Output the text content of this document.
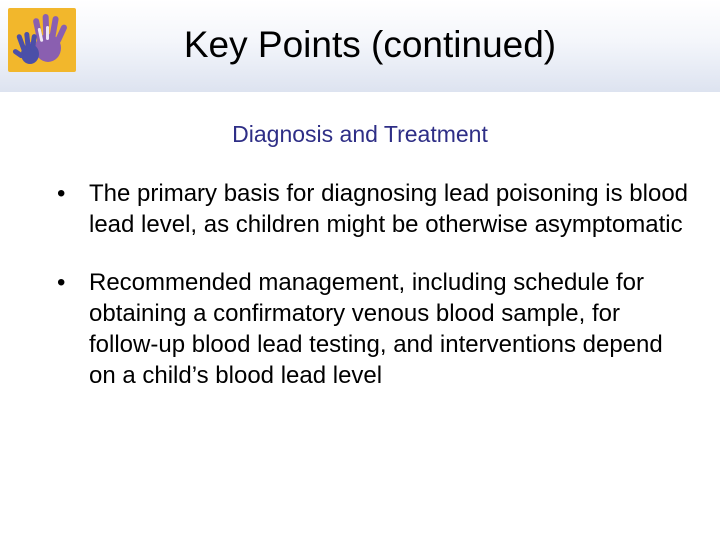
Key Points (continued)
Diagnosis and Treatment
• The primary basis for diagnosing lead poisoning is blood lead level, as children might be otherwise asymptomatic
• Recommended management, including schedule for obtaining a confirmatory venous blood sample, for follow-up blood lead testing, and interventions depend on a child’s blood lead level
